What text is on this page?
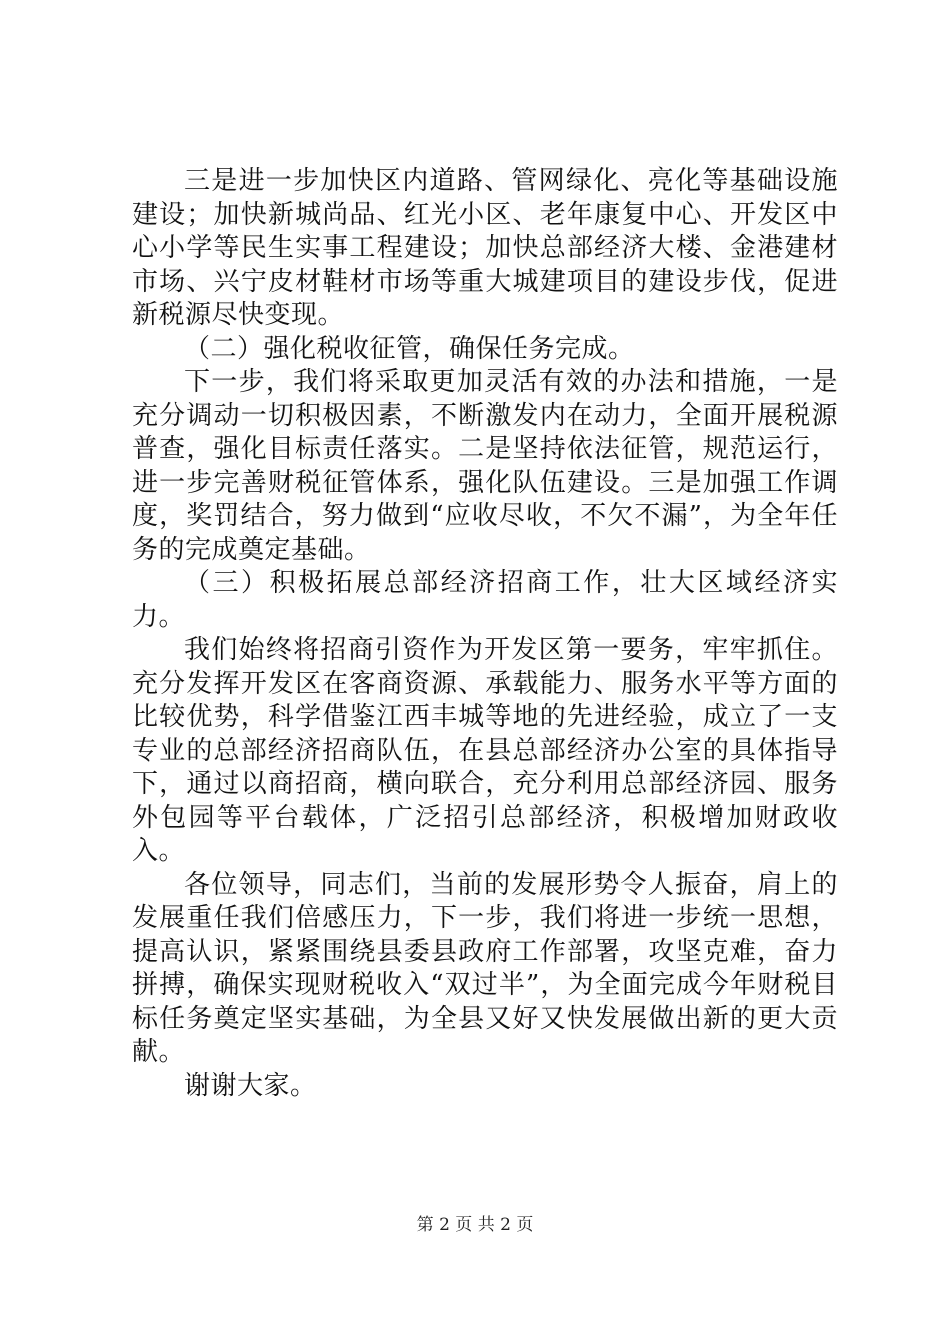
三是进一步加快区内道路、管网绿化、亮化等基础设施建设；加快新城尚品、红光小区、老年康复中心、开发区中心小学等民生实事工程建设；加快总部经济大楼、金港建材市场、兴宁皮材鞋材市场等重大城建项目的建设步伐，促进新税源尽快变现。

（二）强化税收征管，确保任务完成。

下一步，我们将采取更加灵活有效的办法和措施，一是充分调动一切积极因素，不断激发内在动力，全面开展税源普查，强化目标责任落实。二是坚持依法征管，规范运行，进一步完善财税征管体系，强化队伍建设。三是加强工作调度，奖罚结合，努力做到“应收尽收，不欠不漏”，为全年任务的完成奠定基础。

（三）积极拓展总部经济招商工作，壮大区域经济实力。

我们始终将招商引资作为开发区第一要务，牢牢抓住。充分发挥开发区在客商资源、承载能力、服务水平等方面的比较优势，科学借鉴江西丰城等地的先进经验，成立了一支专业的总部经济招商队伍，在县总部经济办公室的具体指导下，通过以商招商，横向联合，充分利用总部经济园、服务外包园等平台载体，广泛招引总部经济，积极增加财政收入。

各位领导，同志们，当前的发展形势令人振奋，肩上的发展重任我们倍感压力，下一步，我们将进一步统一思想，提高认识，紧紧围绕县委县政府工作部署，攻坚克难，奋力拼搏，确保实现财税收入“双过半”，为全面完成今年财税目标任务奠定坚实基础，为全县又好又快发展做出新的更大贡献。

谢谢大家。

第 2 页 共 2 页
